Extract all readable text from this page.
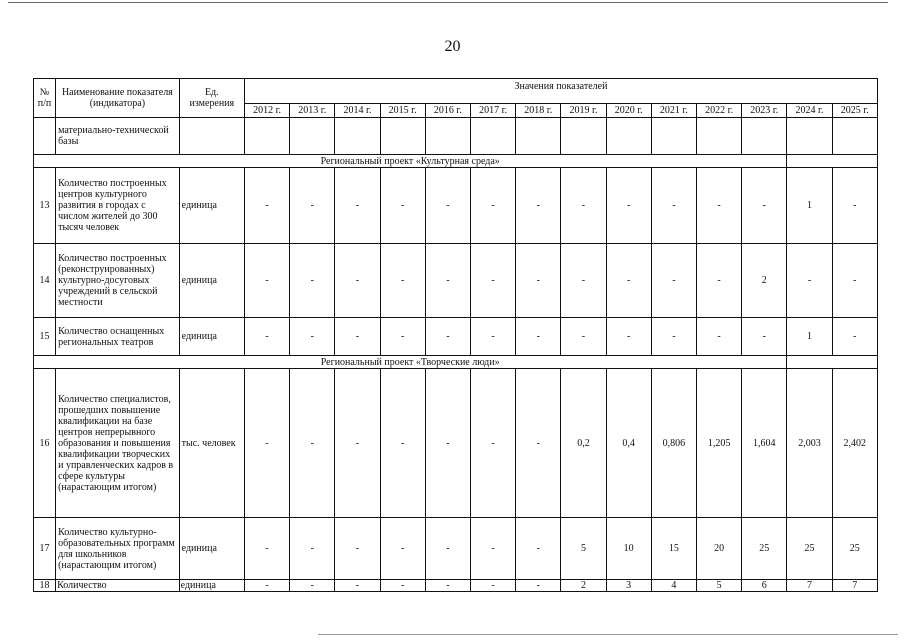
20
№ п/п	Наименование показателя (индикатора)	Ед. измерения	Значения показателей													
			2012 г.	2013 г.	2014 г.	2015 г.	2016 г.	2017 г.	2018 г.	2019 г.	2020 г.	2021 г.	2022 г.	2023 г.	2024 г.	2025 г.
	материально-технической базы															
Региональный проект «Культурная среда»																
13	Количество построенных центров культурного развития в городах с числом жителей до 300 тысяч человек	единица	-	-	-	-	-	-	-	-	-	-	-	-	1	-
14	Количество построенных (реконструированных) культурно-досуговых учреждений в сельской местности	единица	-	-	-	-	-	-	-	-	-	-	-	2	-	-
15	Количество оснащенных региональных театров	единица	-	-	-	-	-	-	-	-	-	-	-	-	1	-
Региональный проект «Творческие люди»																
16	Количество специалистов, прошедших повышение квалификации на базе центров непрерывного образования и повышения квалификации творческих и управленческих кадров в сфере культуры (нарастающим итогом)	тыс. человек	-	-	-	-	-	-	-	0,2	0,4	0,806	1,205	1,604	2,003	2,402
17	Количество культурно-образовательных программ для школьников (нарастающим итогом)	единица	-	-	-	-	-	-	-	5	10	15	20	25	25	25
18	Количество	единица	-	-	-	-	-	-	-	2	3	4	5	6	7	7
